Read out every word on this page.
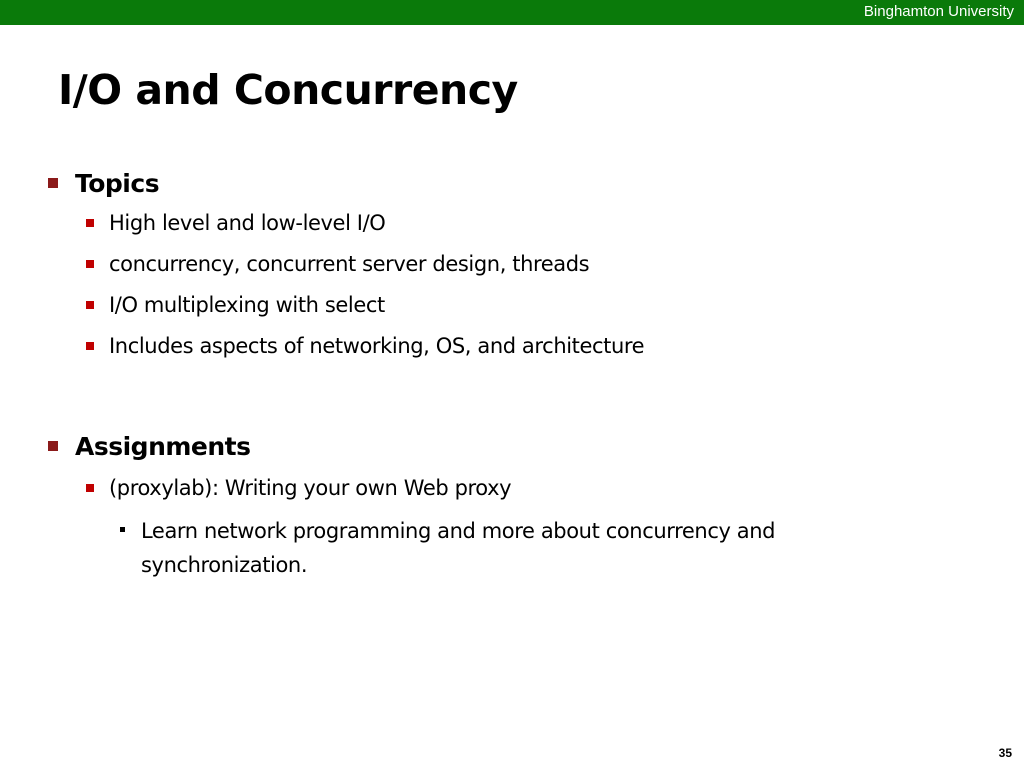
Binghamton University
I/O and Concurrency
Topics
High level and low-level I/O
concurrency, concurrent server design, threads
I/O multiplexing with select
Includes aspects of networking, OS, and architecture
Assignments
(proxylab): Writing your own Web proxy
Learn network programming and more about concurrency and synchronization.
35
